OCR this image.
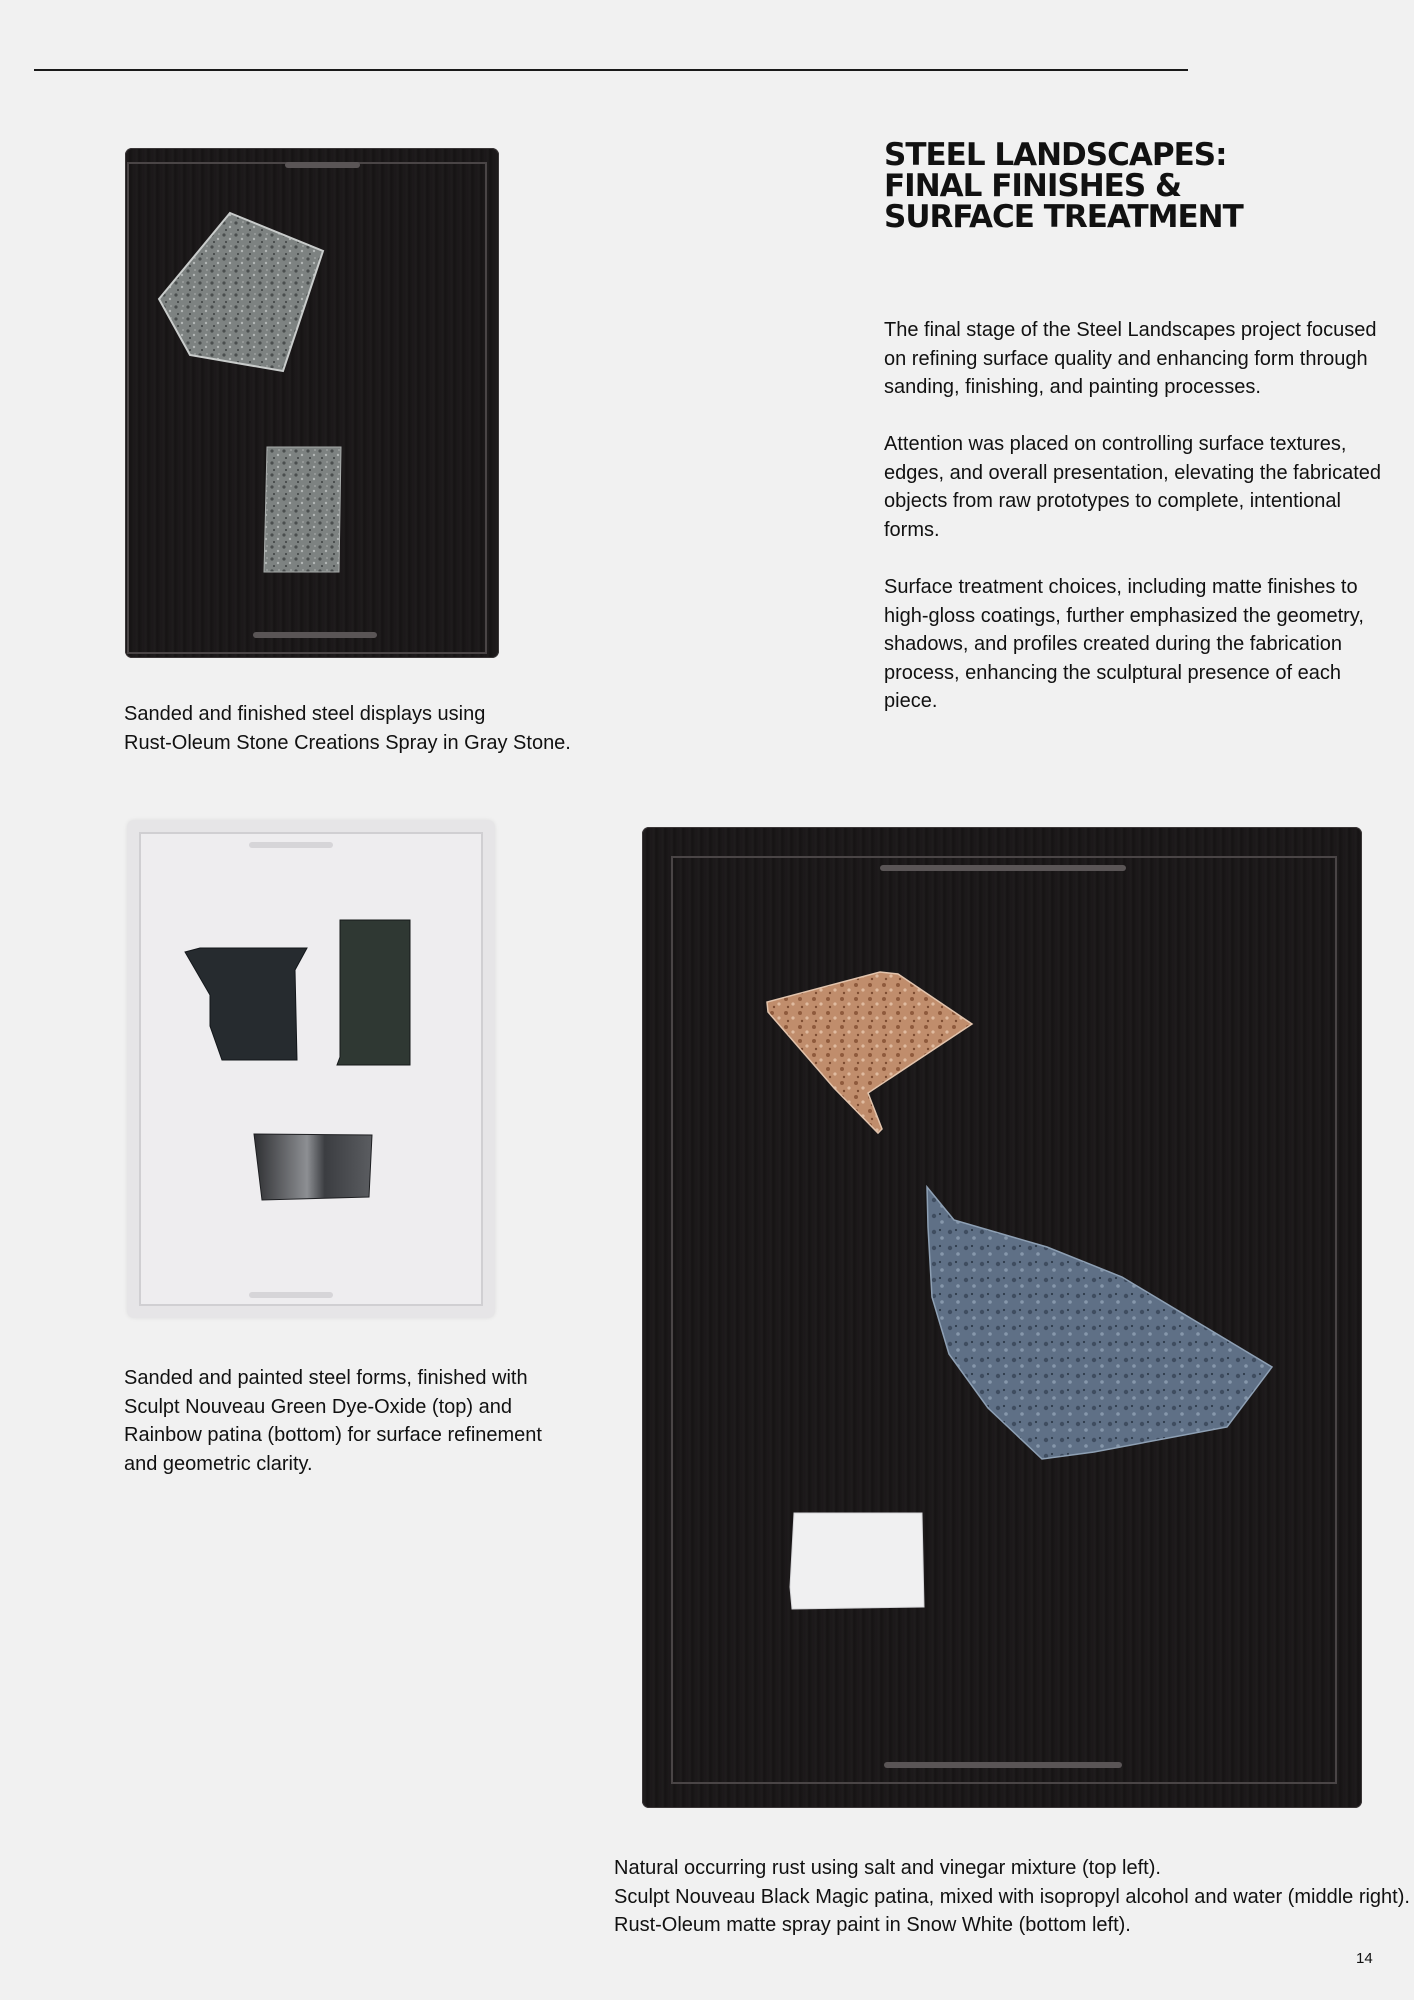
STEEL LANDSCAPES:
FINAL FINISHES &
SURFACE TREATMENT

The final stage of the Steel Landscapes project focused on refining surface quality and enhancing form through sanding, finishing, and painting processes.

Attention was placed on controlling surface textures, edges, and overall presentation, elevating the fabricated objects from raw prototypes to complete, intentional forms.

Surface treatment choices, including matte finishes to high-gloss coatings, further emphasized the geometry, shadows, and profiles created during the fabrication process, enhancing the sculptural presence of each piece.

Sanded and finished steel displays using
Rust-Oleum Stone Creations Spray in Gray Stone.

Sanded and painted steel forms, finished with
Sculpt Nouveau Green Dye-Oxide (top) and
Rainbow patina (bottom) for surface refinement
and geometric clarity.

Natural occurring rust using salt and vinegar mixture (top left).
Sculpt Nouveau Black Magic patina, mixed with isopropyl alcohol and water (middle right).
Rust-Oleum matte spray paint in Snow White (bottom left).

14
